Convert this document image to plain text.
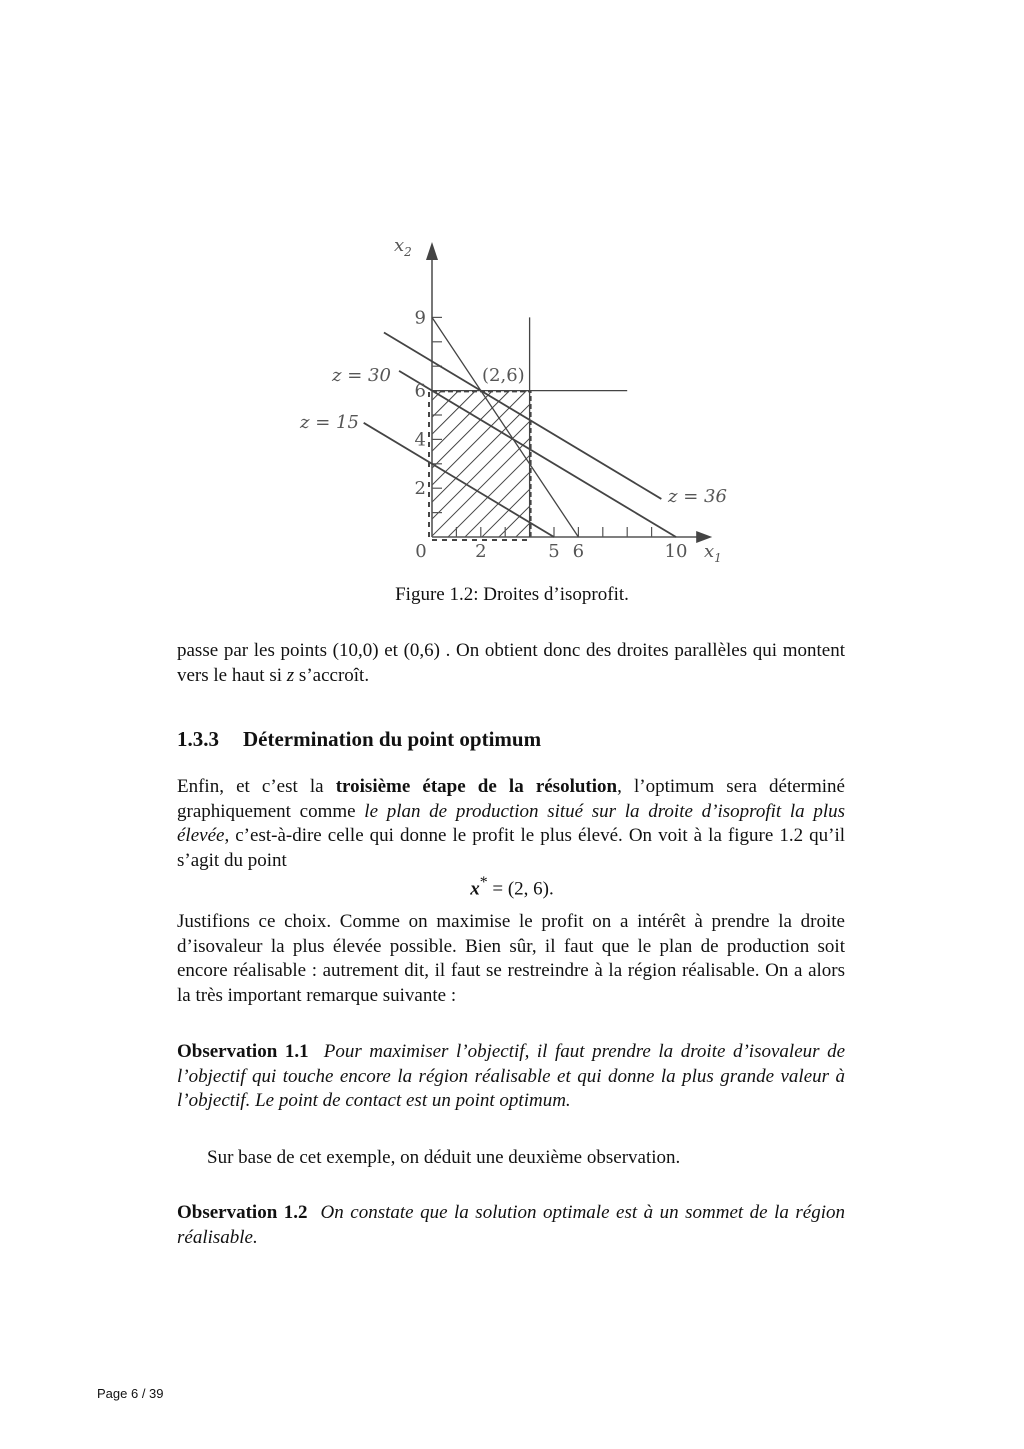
0	2	5 6	10
2
4
6
9
$x_2$
$x_1$
(2,6)
z = 30
z = 15
z = 36
Figure 1.2: Droites d’isoprofit.
passe par les points (10,0) et (0,6) . On obtient donc des droites parallèles qui montent vers le haut si z s’accroît.
1.3.3 Détermination du point optimum
Enfin, et c’est la troisième étape de la résolution, l’optimum sera déterminé graphiquement comme le plan de production situé sur la droite d’isoprofit la plus élevée, c’est-à-dire celle qui donne le profit le plus élevé. On voit à la figure 1.2 qu’il s’agit du point
x* = (2, 6).
Justifions ce choix. Comme on maximise le profit on a intérêt à prendre la droite d’isovaleur la plus élevée possible. Bien sûr, il faut que le plan de production soit encore réalisable : autrement dit, il faut se restreindre à la région réalisable. On a alors la très important remarque suivante :
Observation 1.1 Pour maximiser l’objectif, il faut prendre la droite d’isovaleur de l’objectif qui touche encore la région réalisable et qui donne la plus grande valeur à l’objectif. Le point de contact est un point optimum.
Sur base de cet exemple, on déduit une deuxième observation.
Observation 1.2 On constate que la solution optimale est à un sommet de la région réalisable.
Page 6 / 39
